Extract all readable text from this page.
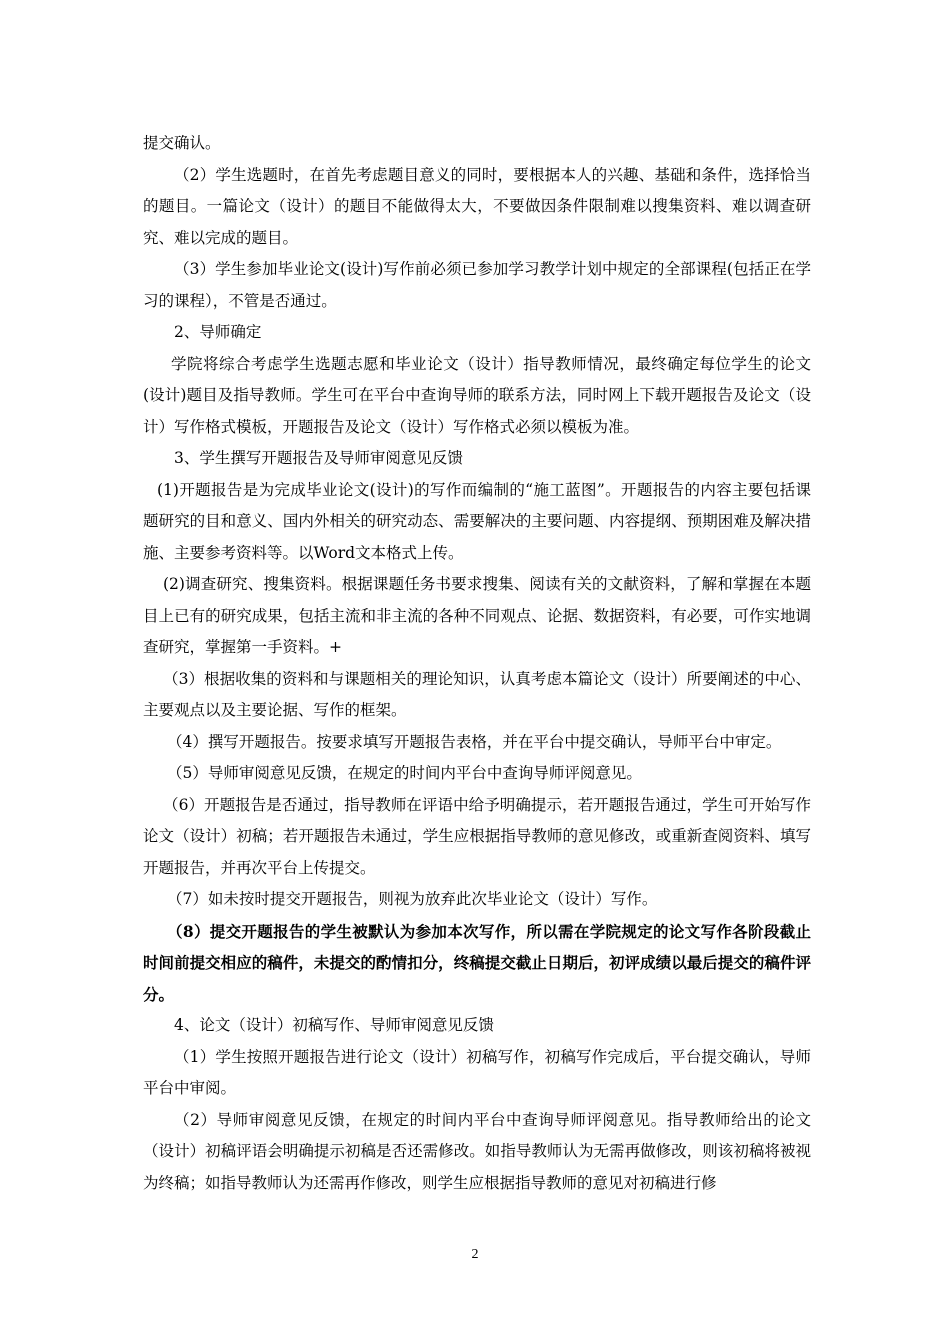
提交确认。

（2）学生选题时，在首先考虑题目意义的同时，要根据本人的兴趣、基础和条件，选择恰当的题目。一篇论文（设计）的题目不能做得太大，不要做因条件限制难以搜集资料、难以调查研究、难以完成的题目。

（3）学生参加毕业论文(设计)写作前必须已参加学习教学计划中规定的全部课程(包括正在学习的课程），不管是否通过。

2、导师确定

学院将综合考虑学生选题志愿和毕业论文（设计）指导教师情况，最终确定每位学生的论文(设计)题目及指导教师。学生可在平台中查询导师的联系方法，同时网上下载开题报告及论文（设计）写作格式模板，开题报告及论文（设计）写作格式必须以模板为准。

3、学生撰写开题报告及导师审阅意见反馈

(1)开题报告是为完成毕业论文(设计)的写作而编制的“施工蓝图”。开题报告的内容主要包括课题研究的目和意义、国内外相关的研究动态、需要解决的主要问题、内容提纲、预期困难及解决措施、主要参考资料等。以Word文本格式上传。

(2)调查研究、搜集资料。根据课题任务书要求搜集、阅读有关的文献资料，了解和掌握在本题目上已有的研究成果，包括主流和非主流的各种不同观点、论据、数据资料，有必要，可作实地调查研究，掌握第一手资料。+

（3）根据收集的资料和与课题相关的理论知识，认真考虑本篇论文（设计）所要阐述的中心、主要观点以及主要论据、写作的框架。

（4）撰写开题报告。按要求填写开题报告表格，并在平台中提交确认，导师平台中审定。

（5）导师审阅意见反馈，在规定的时间内平台中查询导师评阅意见。

（6）开题报告是否通过，指导教师在评语中给予明确提示，若开题报告通过，学生可开始写作论文（设计）初稿；若开题报告未通过，学生应根据指导教师的意见修改，或重新查阅资料、填写开题报告，并再次平台上传提交。

（7）如未按时提交开题报告，则视为放弃此次毕业论文（设计）写作。

（8）提交开题报告的学生被默认为参加本次写作，所以需在学院规定的论文写作各阶段截止时间前提交相应的稿件，未提交的酌情扣分，终稿提交截止日期后，初评成绩以最后提交的稿件评分。

4、论文（设计）初稿写作、导师审阅意见反馈

（1）学生按照开题报告进行论文（设计）初稿写作，初稿写作完成后，平台提交确认，导师平台中审阅。

（2）导师审阅意见反馈，在规定的时间内平台中查询导师评阅意见。指导教师给出的论文（设计）初稿评语会明确提示初稿是否还需修改。如指导教师认为无需再做修改，则该初稿将被视为终稿；如指导教师认为还需再作修改，则学生应根据指导教师的意见对初稿进行修

2
